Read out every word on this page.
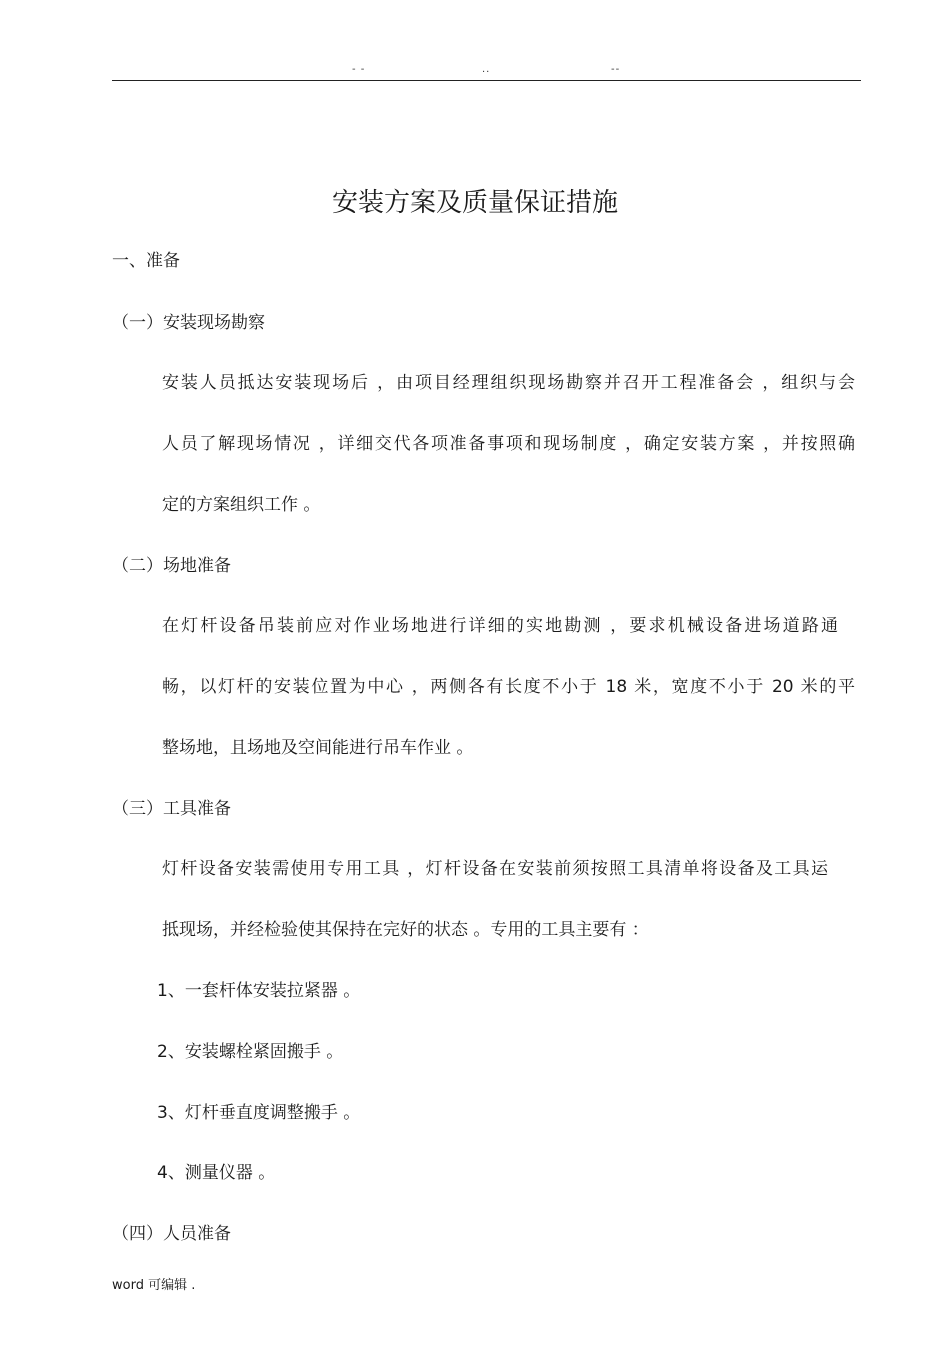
- -	..	--
安装方案及质量保证措施
一、准备
（一）安装现场勘察
安装人员抵达安装现场后 ，由项目经理组织现场勘察并召开工程准备会 ，组织与会
人员了解现场情况 ，详细交代各项准备事项和现场制度 ，确定安装方案 ，并按照确
定的方案组织工作 。
（二）场地准备
在灯杆设备吊装前应对作业场地进行详细的实地勘测 ，要求机械设备进场道路通
畅，以灯杆的安装位置为中心 ，两侧各有长度不小于 18 米，宽度不小于 20 米的平
整场地，且场地及空间能进行吊车作业 。
（三）工具准备
灯杆设备安装需使用专用工具 ，灯杆设备在安装前须按照工具清单将设备及工具运
抵现场，并经检验使其保持在完好的状态 。专用的工具主要有 ：
1、一套杆体安装拉紧器 。
2、安装螺栓紧固搬手 。
3、灯杆垂直度调整搬手 。
4、测量仪器 。
（四）人员准备
word 可编辑 .
